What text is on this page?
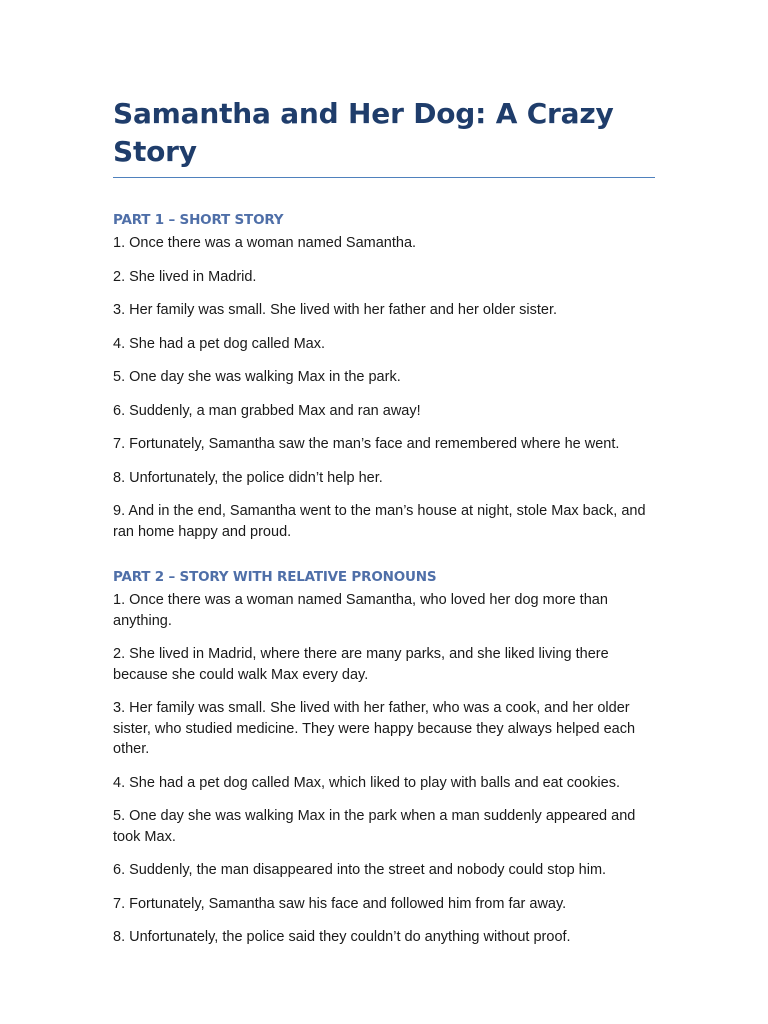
Samantha and Her Dog: A Crazy Story
PART 1 – SHORT STORY
1. Once there was a woman named Samantha.
2. She lived in Madrid.
3. Her family was small. She lived with her father and her older sister.
4. She had a pet dog called Max.
5. One day she was walking Max in the park.
6. Suddenly, a man grabbed Max and ran away!
7. Fortunately, Samantha saw the man’s face and remembered where he went.
8. Unfortunately, the police didn’t help her.
9. And in the end, Samantha went to the man’s house at night, stole Max back, and ran home happy and proud.
PART 2 – STORY WITH RELATIVE PRONOUNS
1. Once there was a woman named Samantha, who loved her dog more than anything.
2. She lived in Madrid, where there are many parks, and she liked living there because she could walk Max every day.
3. Her family was small. She lived with her father, who was a cook, and her older sister, who studied medicine. They were happy because they always helped each other.
4. She had a pet dog called Max, which liked to play with balls and eat cookies.
5. One day she was walking Max in the park when a man suddenly appeared and took Max.
6. Suddenly, the man disappeared into the street and nobody could stop him.
7. Fortunately, Samantha saw his face and followed him from far away.
8. Unfortunately, the police said they couldn’t do anything without proof.
